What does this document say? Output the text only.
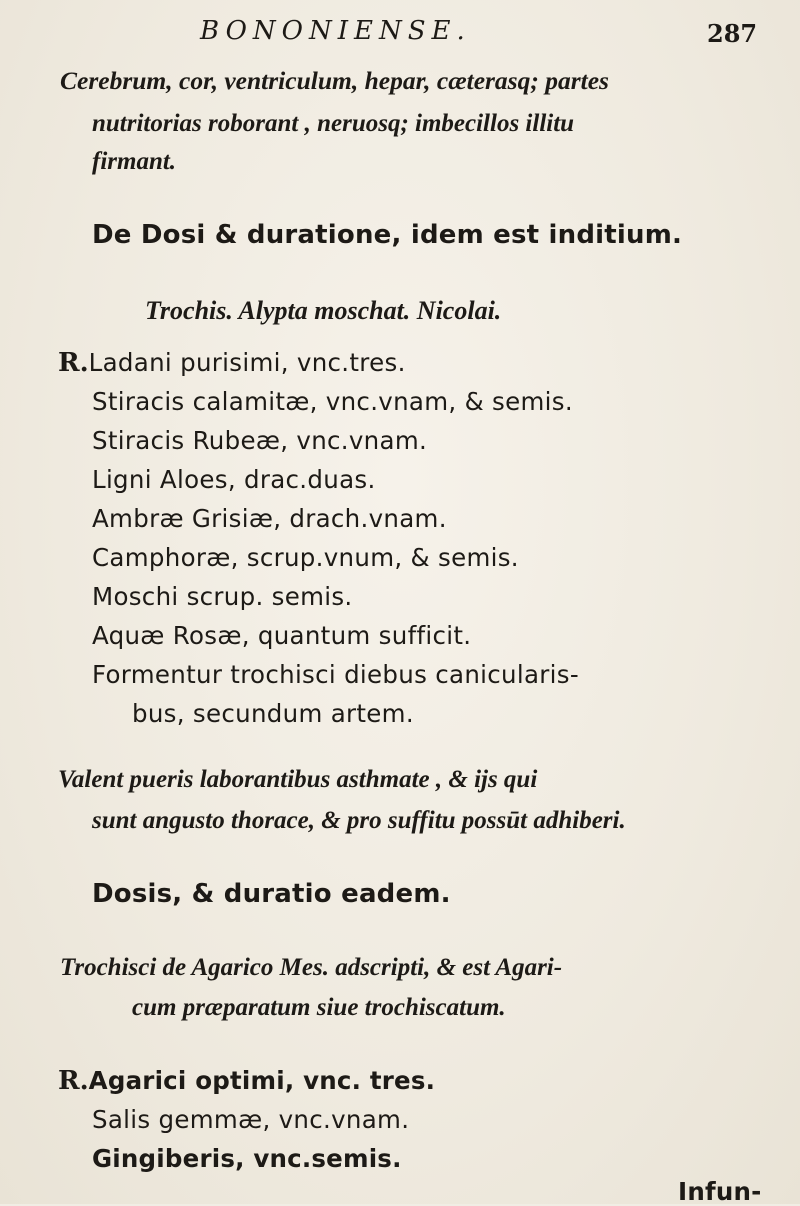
BONONIENSE.	287
Cerebrum, cor, ventriculum, hepar, cæterasq; partes
nutritorias roborant , neruosq; imbecillos illitu
firmant.
De Dosi & duratione, idem est inditium.
Trochis. Alypta moschat. Nicolai.
R.Ladani purisimi, vnc.tres.
Stiracis calamitæ, vnc.vnam, & semis.
Stiracis Rubeæ, vnc.vnam.
Ligni Aloes, drac.duas.
Ambræ Grisiæ, drach.vnam.
Camphoræ, scrup.vnum, & semis.
Moschi scrup. semis.
Aquæ Rosæ, quantum sufficit.
Formentur trochisci diebus canicularis-
bus, secundum artem.
Valent pueris laborantibus asthmate , & ijs qui
sunt angusto thorace, & pro suffitu possūt adhiberi.
Dosis, & duratio eadem.
Trochisci de Agarico Mes. adscripti, & est Agari-
cum præparatum siue trochiscatum.
R.Agarici optimi, vnc. tres.
Salis gemmæ, vnc.vnam.
Gingiberis, vnc.semis.
Infun-
